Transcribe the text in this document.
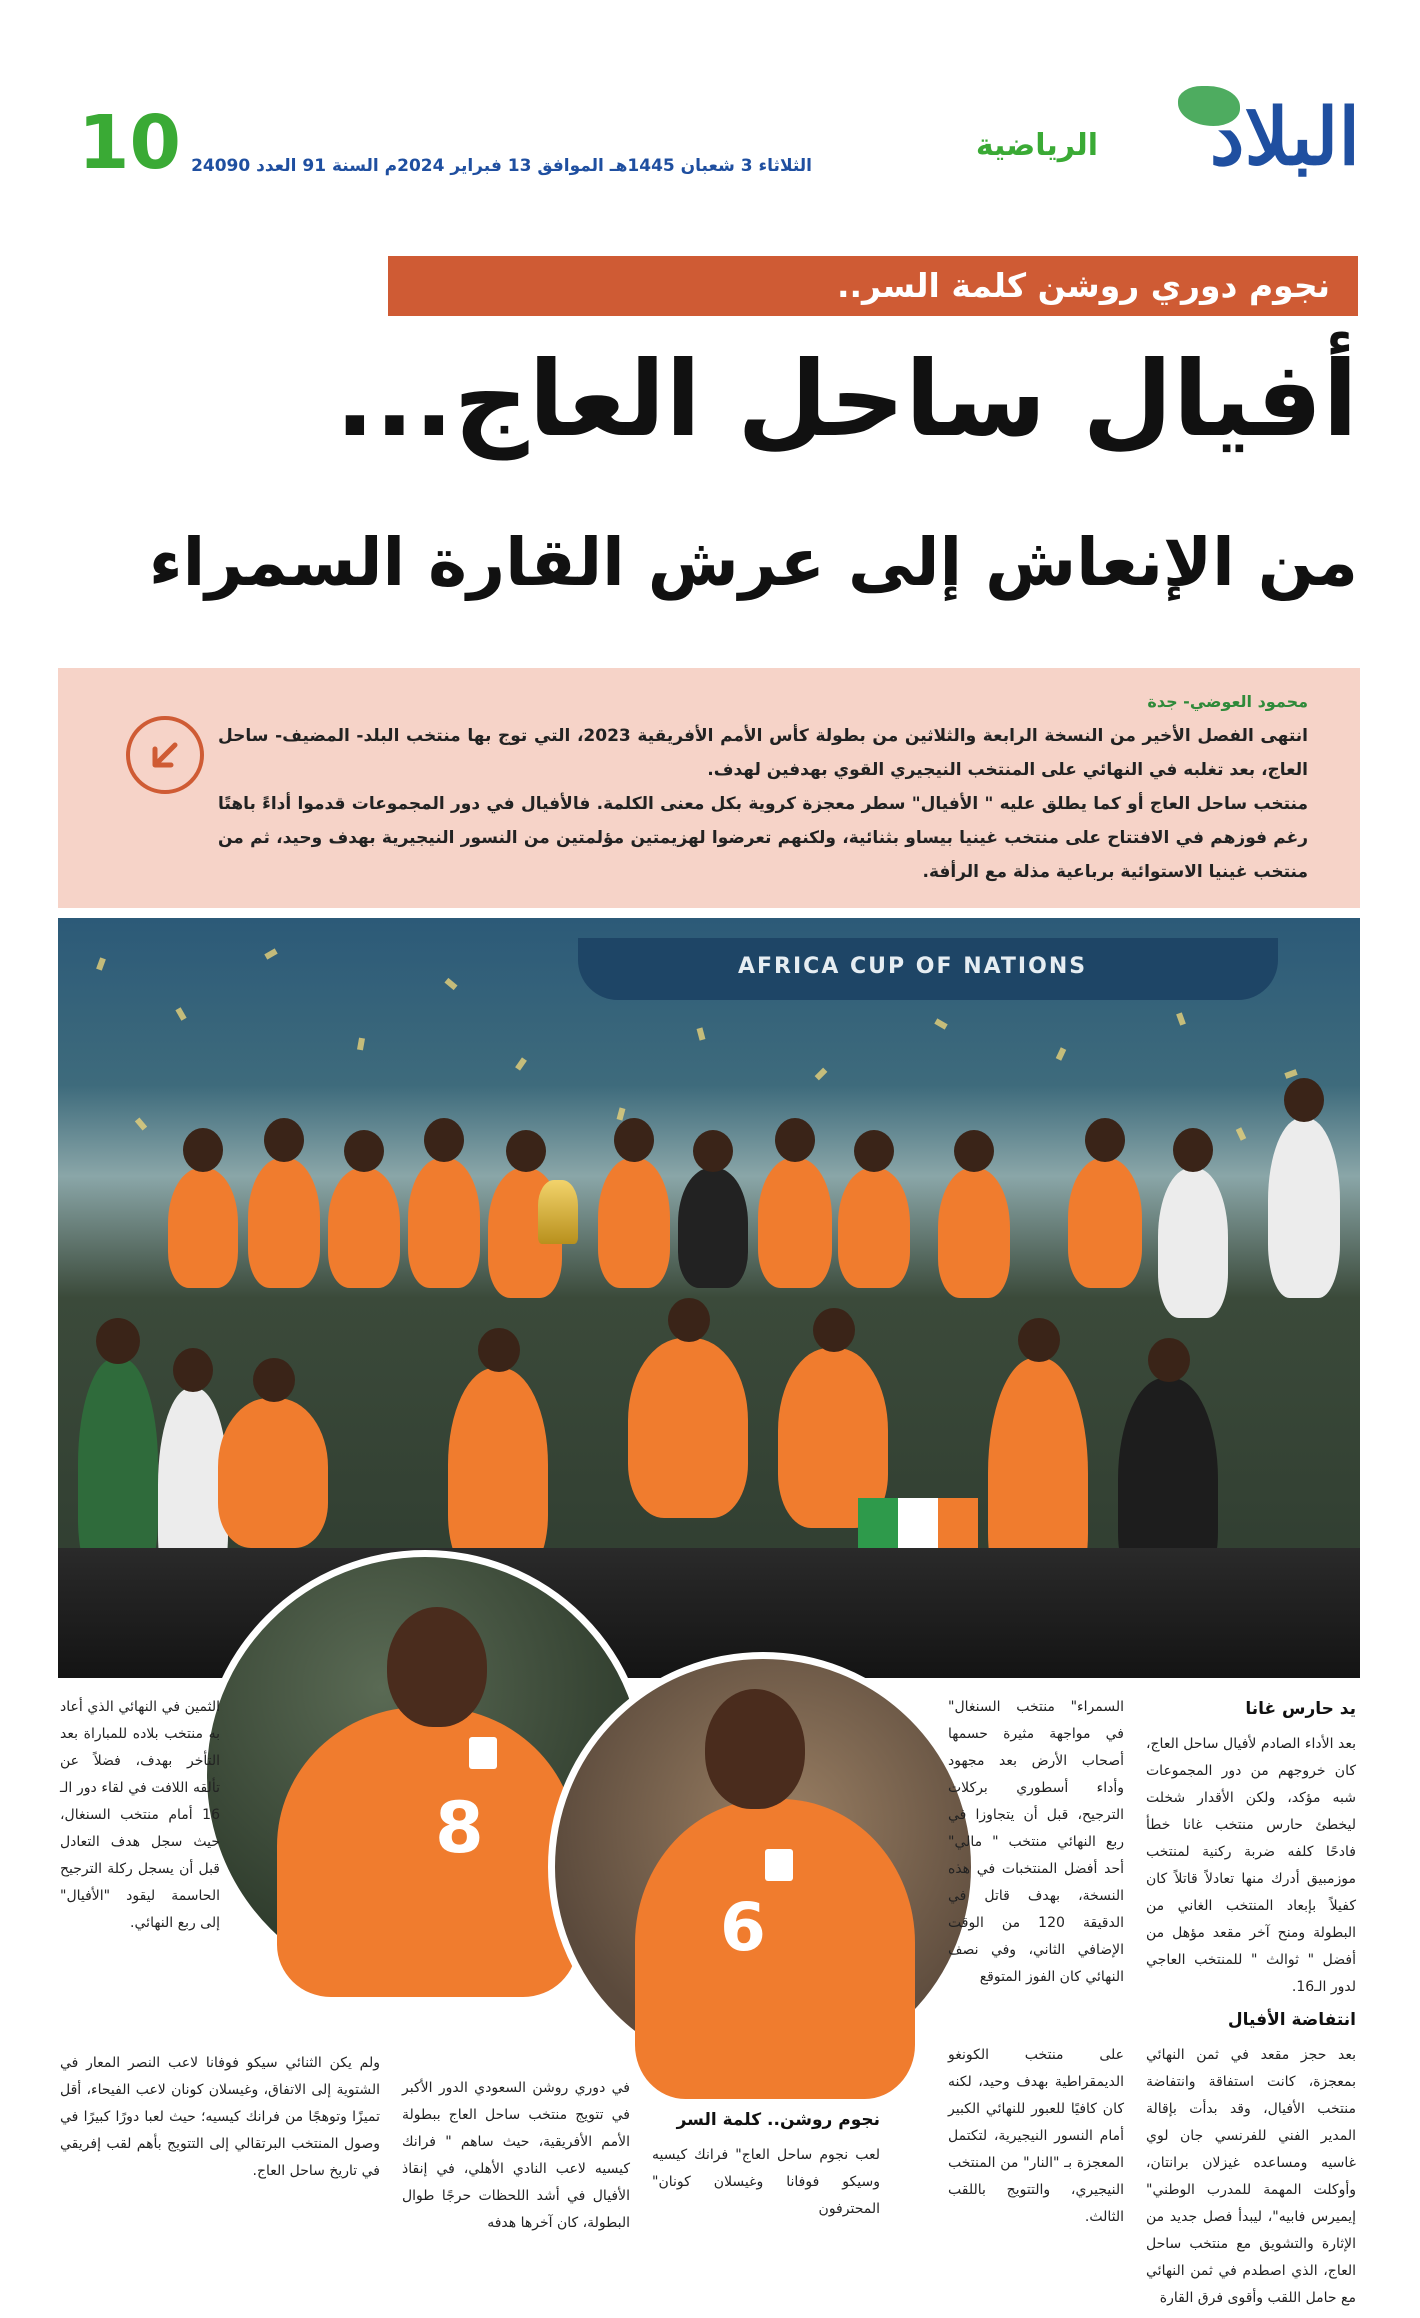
البلاد
الرياضية
الثلاثاء 3 شعبان 1445هـ الموافق 13 فبراير 2024م السنة 91 العدد 24090
10
نجوم دوري روشن كلمة السر..
أفيال ساحل العاج...
من الإنعاش إلى عرش القارة السمراء
محمود العوضي- جدة

انتهى الفصل الأخير من النسخة الرابعة والثلاثين من بطولة كأس الأمم الأفريقية 2023، التي توج بها منتخب البلد- المضيف- ساحل العاج، بعد تغلبه في النهائي على المنتخب النيجيري القوي بهدفين لهدف.

منتخب ساحل العاج أو كما يطلق عليه " الأفيال" سطر معجزة كروية بكل معنى الكلمة. فالأفيال في دور المجموعات قدموا أداءً باهتًا رغم فوزهم في الافتتاح على منتخب غينيا بيساو بثنائية، ولكنهم تعرضوا لهزيمتين مؤلمتين من النسور النيجيرية بهدف وحيد، ثم من منتخب غينيا الاستوائية برباعية مذلة مع الرأفة.

AFRICA CUP OF NATIONS
8
6
يد حارس غانا

بعد الأداء الصادم لأفيال ساحل العاج، كان خروجهم من دور المجموعات شبه مؤكد، ولكن الأقدار شخلت ليخطئ حارس منتخب غانا خطأ فادحًا كلفه ضربة ركنية لمنتخب موزمبيق أدرك منها تعادلاً قاتلاً كان كفيلاً بإبعاد المنتخب الغاني من البطولة ومنح آخر مقعد مؤهل من أفضل " ثوالث " للمنتخب العاجي لدور الـ16.

انتفاضة الأفيال

بعد حجز مقعد في ثمن النهائي بمعجزة، كانت استفاقة وانتفاضة منتخب الأفيال، وقد بدأت بإقالة المدير الفني للفرنسي جان لوي غاسيه ومساعده غيزلان برانتان، وأوكلت المهمة للمدرب الوطني" إيميرس فابيه"، ليبدأ فصل جديد من الإثارة والتشويق مع منتخب ساحل العاج، الذي اصطدم في ثمن النهائي مع حامل اللقب وأقوى فرق القارة

السمراء" منتخب السنغال" في مواجهة مثيرة حسمها أصحاب الأرض بعد مجهود وأداء أسطوري بركلات الترجيح، قبل أن يتجاوزا في ربع النهائي منتخب " مالي" أحد أفضل المنتخبات في هذه النسخة، بهدف قاتل في الدقيقة 120 من الوقت الإضافي الثاني، وفي نصف النهائي كان الفوز المتوقع

على منتخب الكونغو الديمقراطية بهدف وحيد، لكنه كان كافيًا للعبور للنهائي الكبير أمام النسور النيجيرية، لتكتمل المعجزة بـ "النار" من المنتخب النيجيري، والتتويج باللقب الثالث.

الثمين في النهائي الذي أعاد به منتخب بلاده للمباراة بعد التأخر بهدف، فضلاً عن تألقه اللافت في لقاء دور الـ 16 أمام منتخب السنغال، حيث سجل هدف التعادل قبل أن يسجل ركلة الترجيح الحاسمة ليقود "الأفيال" إلى ربع النهائي.

ولم يكن الثنائي سيكو فوفانا لاعب النصر المعار في الشتوية إلى الاتفاق، وغيسلان كونان لاعب الفيحاء، أقل تميزًا وتوهجًا من فرانك كيسيه؛ حيث لعبا دورًا كبيرًا في وصول المنتخب البرتقالي إلى التتويج بأهم لقب إفريقي في تاريخ ساحل العاج.

في دوري روشن السعودي الدور الأكبر في تتويج منتخب ساحل العاج ببطولة الأمم الأفريقية، حيث ساهم " فرانك كيسيه لاعب النادي الأهلي، في إنقاذ الأفيال في أشد اللحظات حرجًا طوال البطولة، كان آخرها هدفه

نجوم روشن.. كلمة السر

لعب نجوم ساحل العاج" فرانك كيسيه وسيكو فوفانا وغيسلان كونان" المحترفون
